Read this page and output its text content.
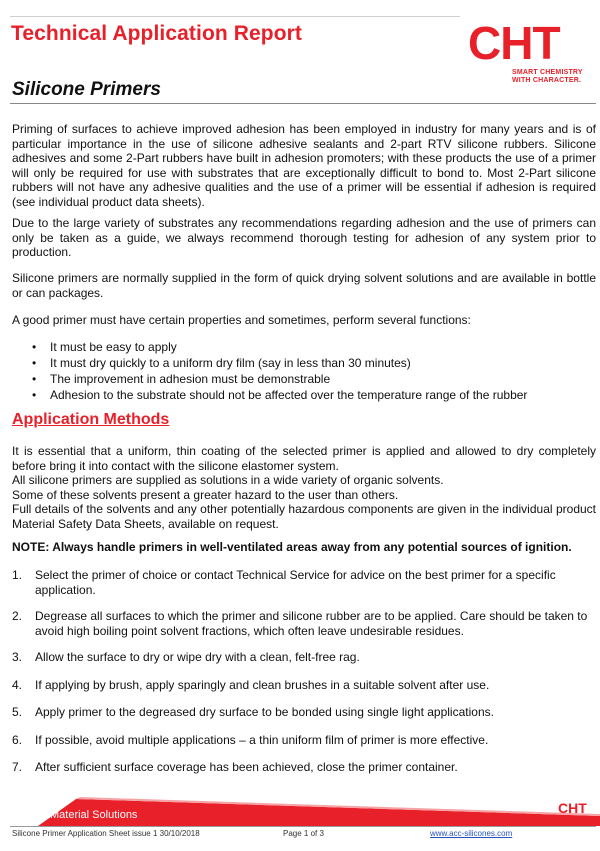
Technical Application Report	CHT
SMART CHEMISTRY
WITH CHARACTER.
Silicone Primers
Priming of surfaces to achieve improved adhesion has been employed in industry for many years and is of particular importance in the use of silicone adhesive sealants and 2-part RTV silicone rubbers. Silicone adhesives and some 2-Part rubbers have built in adhesion promoters; with these products the use of a primer will only be required for use with substrates that are exceptionally difficult to bond to. Most 2-Part silicone rubbers will not have any adhesive qualities and the use of a primer will be essential if adhesion is required (see individual product data sheets).
Due to the large variety of substrates any recommendations regarding adhesion and the use of primers can only be taken as a guide, we always recommend thorough testing for adhesion of any system prior to production.
Silicone primers are normally supplied in the form of quick drying solvent solutions and are available in bottle or can packages.
A good primer must have certain properties and sometimes, perform several functions:
• It must be easy to apply
• It must dry quickly to a uniform dry film (say in less than 30 minutes)
• The improvement in adhesion must be demonstrable
• Adhesion to the substrate should not be affected over the temperature range of the rubber
Application Methods
It is essential that a uniform, thin coating of the selected primer is applied and allowed to dry completely before bring it into contact with the silicone elastomer system.
All silicone primers are supplied as solutions in a wide variety of organic solvents.
Some of these solvents present a greater hazard to the user than others.
Full details of the solvents and any other potentially hazardous components are given in the individual product Material Safety Data Sheets, available on request.
NOTE: Always handle primers in well-ventilated areas away from any potential sources of ignition.
1. Select the primer of choice or contact Technical Service for advice on the best primer for a specific application.
2. Degrease all surfaces to which the primer and silicone rubber are to be applied. Care should be taken to avoid high boiling point solvent fractions, which often leave undesirable residues.
3. Allow the surface to dry or wipe dry with a clean, felt-free rag.
4. If applying by brush, apply sparingly and clean brushes in a suitable solvent after use.
5. Apply primer to the degreased dry surface to be bonded using single light applications.
6. If possible, avoid multiple applications – a thin uniform film of primer is more effective.
7. After sufficient surface coverage has been achieved, close the primer container.
Material Solutions	CHT
Silicone Primer Application Sheet issue 1 30/10/2018	Page 1 of 3	www.acc-silicones.com
